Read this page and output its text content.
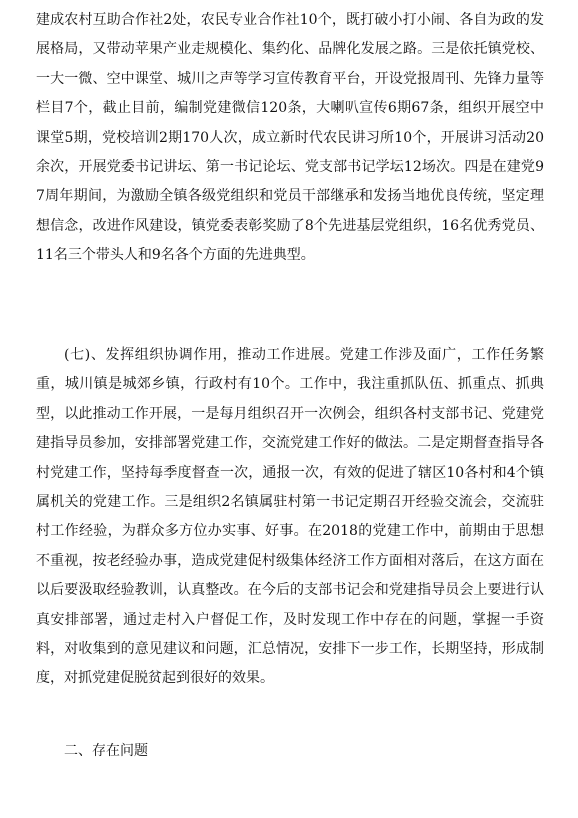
建成农村互助合作社2处，农民专业合作社10个，既打破小打小闹、各自为政的发展格局，又带动苹果产业走规模化、集约化、品牌化发展之路。三是依托镇党校、一大一微、空中课堂、城川之声等学习宣传教育平台，开设党报周刊、先锋力量等栏目7个，截止目前，编制党建微信120条，大喇叭宣传6期67条，组织开展空中课堂5期，党校培训2期170人次，成立新时代农民讲习所10个，开展讲习活动20余次，开展党委书记讲坛、第一书记论坛、党支部书记学坛12场次。四是在建党97周年期间，为激励全镇各级党组织和党员干部继承和发扬当地优良传统，坚定理想信念，改进作风建设，镇党委表彰奖励了8个先进基层党组织，16名优秀党员、11名三个带头人和9名各个方面的先进典型。

(七)、发挥组织协调作用，推动工作进展。党建工作涉及面广，工作任务繁重，城川镇是城郊乡镇，行政村有10个。工作中，我注重抓队伍、抓重点、抓典型，以此推动工作开展，一是每月组织召开一次例会，组织各村支部书记、党建党建指导员参加，安排部署党建工作，交流党建工作好的做法。二是定期督查指导各村党建工作，坚持每季度督查一次，通报一次，有效的促进了辖区10各村和4个镇属机关的党建工作。三是组织2名镇属驻村第一书记定期召开经验交流会，交流驻村工作经验，为群众多方位办实事、好事。在2018的党建工作中，前期由于思想不重视，按老经验办事，造成党建促村级集体经济工作方面相对落后，在这方面在以后要汲取经验教训，认真整改。在今后的支部书记会和党建指导员会上要进行认真安排部署，通过走村入户督促工作，及时发现工作中存在的问题，掌握一手资料，对收集到的意见建议和问题，汇总情况，安排下一步工作，长期坚持，形成制度，对抓党建促脱贫起到很好的效果。

二、存在问题
